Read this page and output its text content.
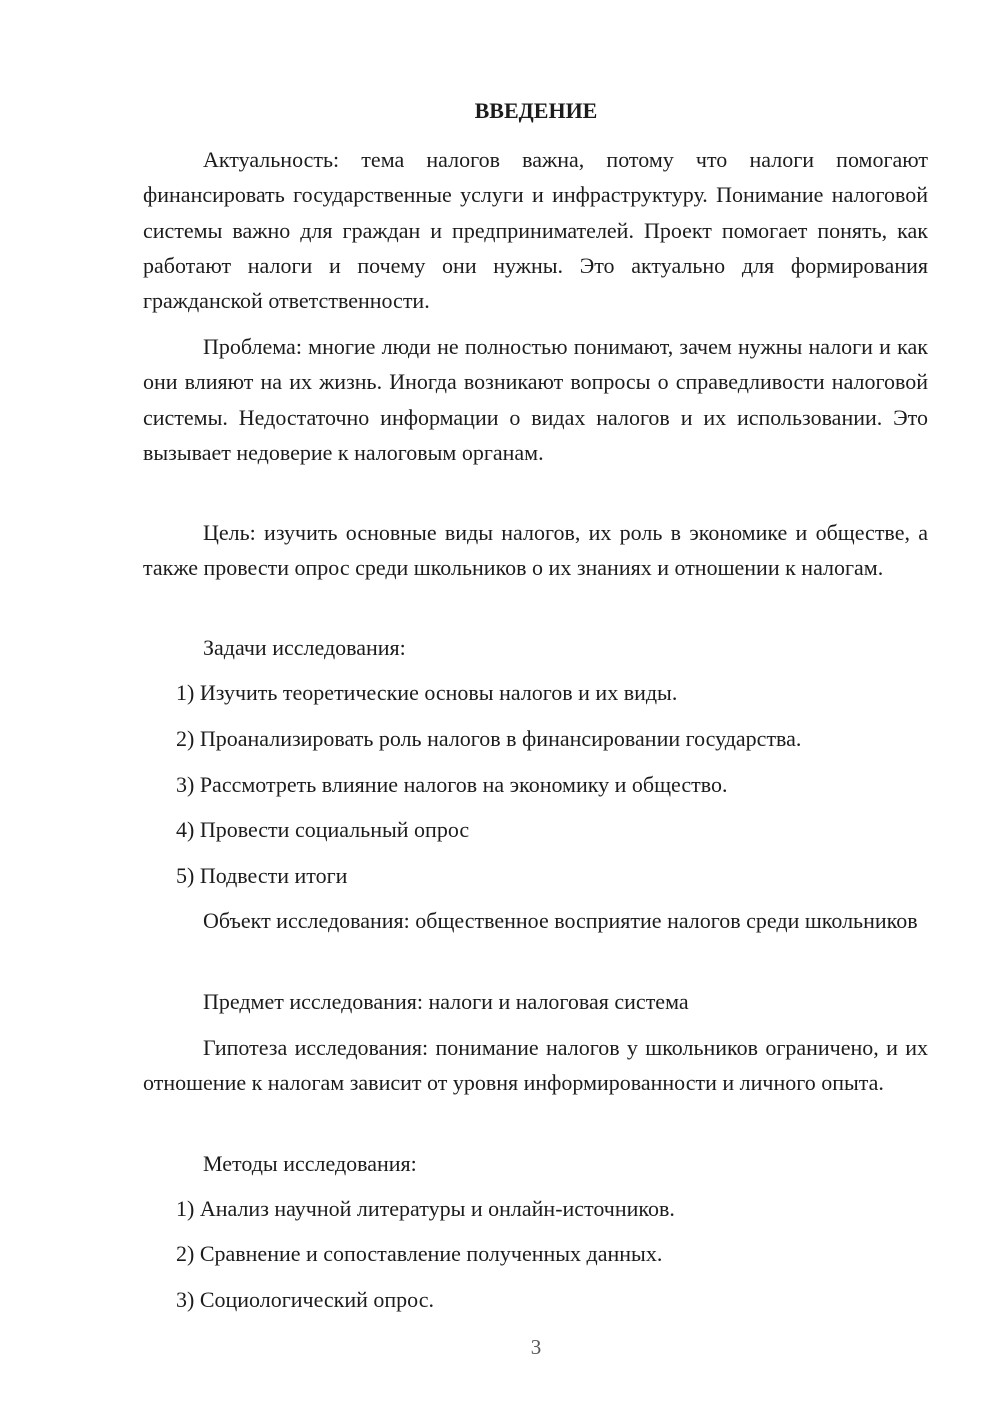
ВВЕДЕНИЕ

Актуальность: тема налогов важна, потому что налоги помогают финансировать государственные услуги и инфраструктуру. Понимание налоговой системы важно для граждан и предпринимателей. Проект помогает понять, как работают налоги и почему они нужны. Это актуально для формирования гражданской ответственности.

Проблема: многие люди не полностью понимают, зачем нужны налоги и как они влияют на их жизнь. Иногда возникают вопросы о справедливости налоговой системы. Недостаточно информации о видах налогов и их использовании. Это вызывает недоверие к налоговым органам.

Цель: изучить основные виды налогов, их роль в экономике и обществе, а также провести опрос среди школьников о их знаниях и отношении к налогам.

Задачи исследования:

1) Изучить теоретические основы налогов и их виды.

2) Проанализировать роль налогов в финансировании государства.

3) Рассмотреть влияние налогов на экономику и общество.

4) Провести социальный опрос

5) Подвести итоги

Объект исследования: общественное восприятие налогов среди школьников

Предмет исследования: налоги и налоговая система

Гипотеза исследования: понимание налогов у школьников ограничено, и их отношение к налогам зависит от уровня информированности и личного опыта.

Методы исследования:

1) Анализ научной литературы и онлайн-источников.

2) Сравнение и сопоставление полученных данных.

3) Социологический опрос.

3
